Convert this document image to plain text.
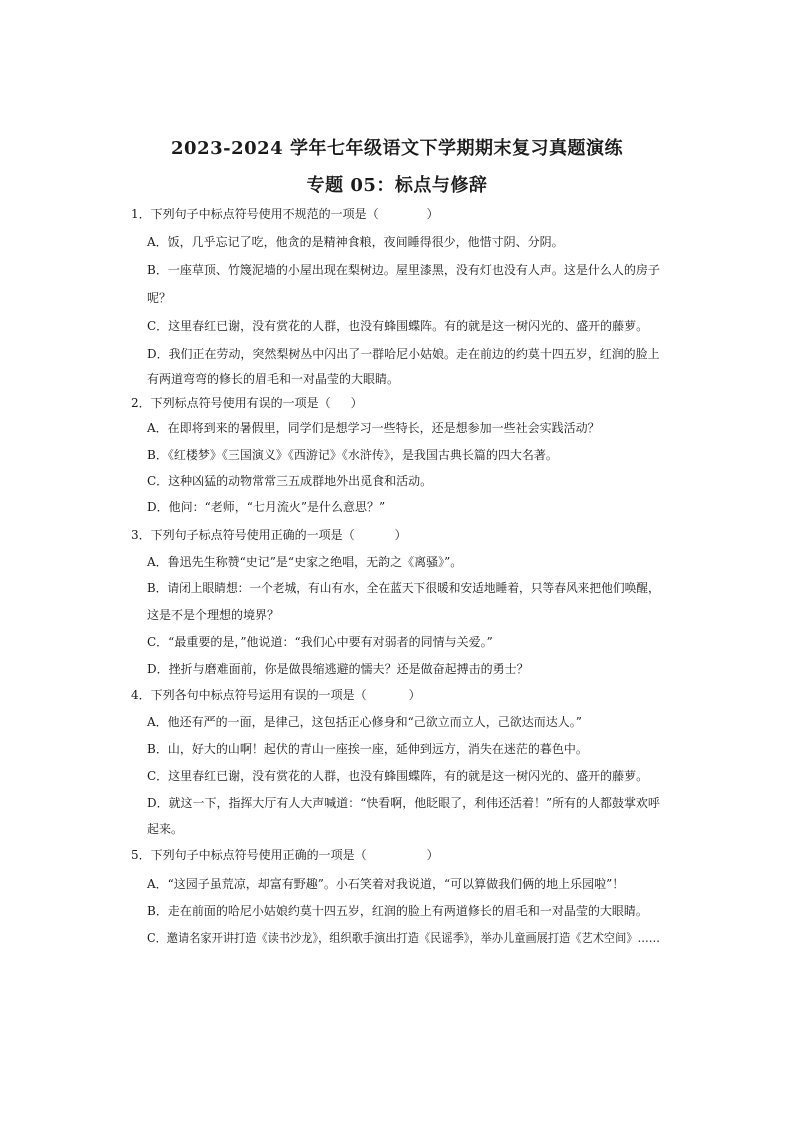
2023-2024 学年七年级语文下学期期末复习真题演练
专题 05：标点与修辞
1．下列句子中标点符号使用不规范的一项是（	）
A．饭，几乎忘记了吃，他贪的是精神食粮，夜间睡得很少，他惜寸阴、分阴。
B．一座草顶、竹篾泥墙的小屋出现在梨树边。屋里漆黑，没有灯也没有人声。这是什么人的房子
呢？
C．这里春红已谢，没有赏花的人群，也没有蜂围蝶阵。有的就是这一树闪光的、盛开的藤萝。
D．我们正在劳动，突然梨树丛中闪出了一群哈尼小姑娘。走在前边的约莫十四五岁，红润的脸上
有两道弯弯的修长的眉毛和一对晶莹的大眼睛。
2．下列标点符号使用有误的一项是（ ）
A．在即将到来的暑假里，同学们是想学习一些特长，还是想参加一些社会实践活动？
B．《红楼梦》《三国演义》《西游记》《水浒传》，是我国古典长篇的四大名著。
C．这种凶猛的动物常常三五成群地外出觅食和活动。
D．他问：“老师，“七月流火”是什么意思？”
3．下列句子标点符号使用正确的一项是（	）
A．鲁迅先生称赞“史记”是“史家之绝唱，无韵之《离骚》”。
B．请闭上眼睛想：一个老城，有山有水，全在蓝天下很暖和安适地睡着，只等春风来把他们唤醒，
这是不是个理想的境界？
C．“最重要的是，”他说道：“我们心中要有对弱者的同情与关爱。”
D．挫折与磨难面前，你是做畏缩逃避的懦夫？还是做奋起搏击的勇士？
4．下列各句中标点符号运用有误的一项是（	）
A．他还有严的一面，是律己，这包括正心修身和“己欲立而立人，己欲达而达人。”
B．山，好大的山啊！起伏的青山一座挨一座，延伸到远方，消失在迷茫的暮色中。
C．这里春红已谢，没有赏花的人群，也没有蜂围蝶阵，有的就是这一树闪光的、盛开的藤萝。
D．就这一下，指挥大厅有人大声喊道：“快看啊，他眨眼了，利伟还活着！”所有的人都鼓掌欢呼
起来。
5．下列句子中标点符号使用正确的一项是（	）
A．“这园子虽荒凉，却富有野趣”。小石笑着对我说道，“可以算做我们俩的地上乐园啦”！
B．走在前面的哈尼小姑娘约莫十四五岁，红润的脸上有两道修长的眉毛和一对晶莹的大眼睛。
C．邀请名家开讲打造《读书沙龙》，组织歌手演出打造《民谣季》，举办儿童画展打造《艺术空间》……
